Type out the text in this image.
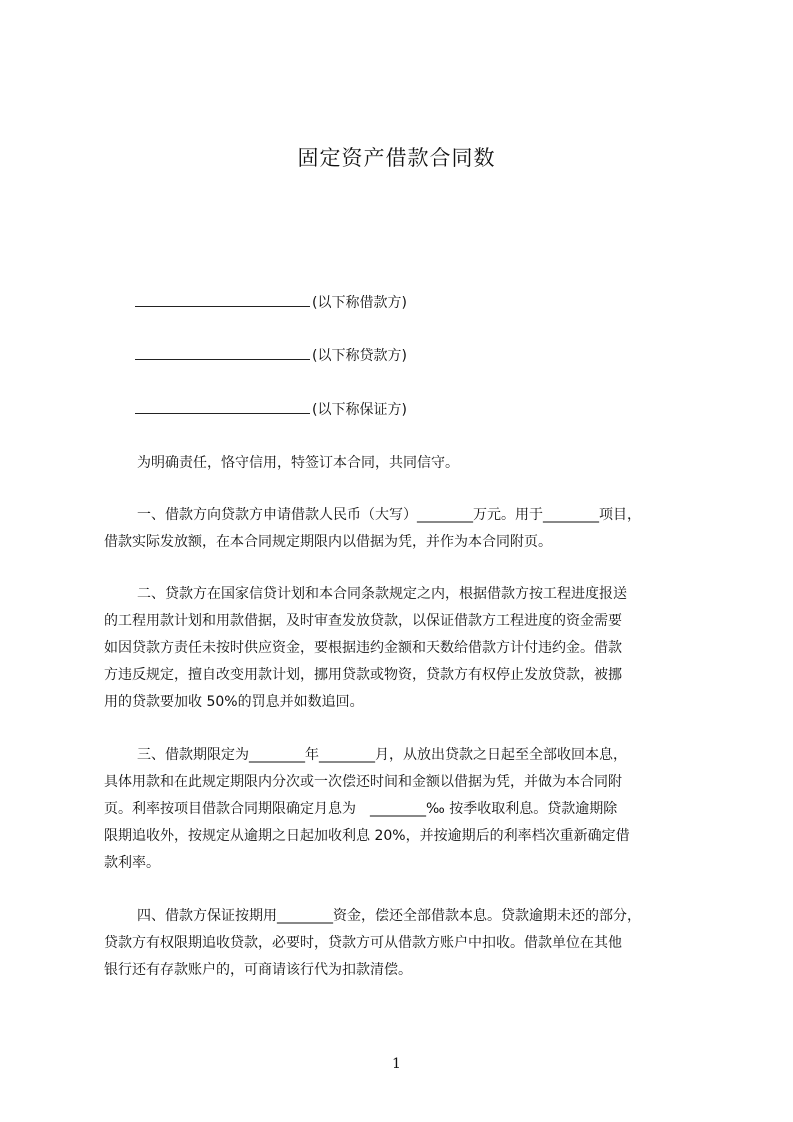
固定资产借款合同数
(以下称借款方)
(以下称贷款方)
(以下称保证方)
为明确责任，恪守信用，特签订本合同，共同信守。
一、借款方向贷款方申请借款人民币（大写）________万元。用于________项目，
借款实际发放额，在本合同规定期限内以借据为凭，并作为本合同附页。
二、贷款方在国家信贷计划和本合同条款规定之内，根据借款方按工程进度报送
的工程用款计划和用款借据，及时审查发放贷款，以保证借款方工程进度的资金需要
如因贷款方责任未按时供应资金，要根据违约金额和天数给借款方计付违约金。借款
方违反规定，擅自改变用款计划，挪用贷款或物资，贷款方有权停止发放贷款，被挪
用的贷款要加收 50%的罚息并如数追回。
三、借款期限定为________年________月，从放出贷款之日起至全部收回本息，
具体用款和在此规定期限内分次或一次偿还时间和金额以借据为凭，并做为本合同附
页。利率按项目借款合同期限确定月息为　________‰ 按季收取利息。贷款逾期除
限期追收外，按规定从逾期之日起加收利息 20%，并按逾期后的利率档次重新确定借
款利率。
四、借款方保证按期用________资金，偿还全部借款本息。贷款逾期未还的部分，
贷款方有权限期追收贷款，必要时，贷款方可从借款方账户中扣收。借款单位在其他
银行还有存款账户的，可商请该行代为扣款清偿。
1
